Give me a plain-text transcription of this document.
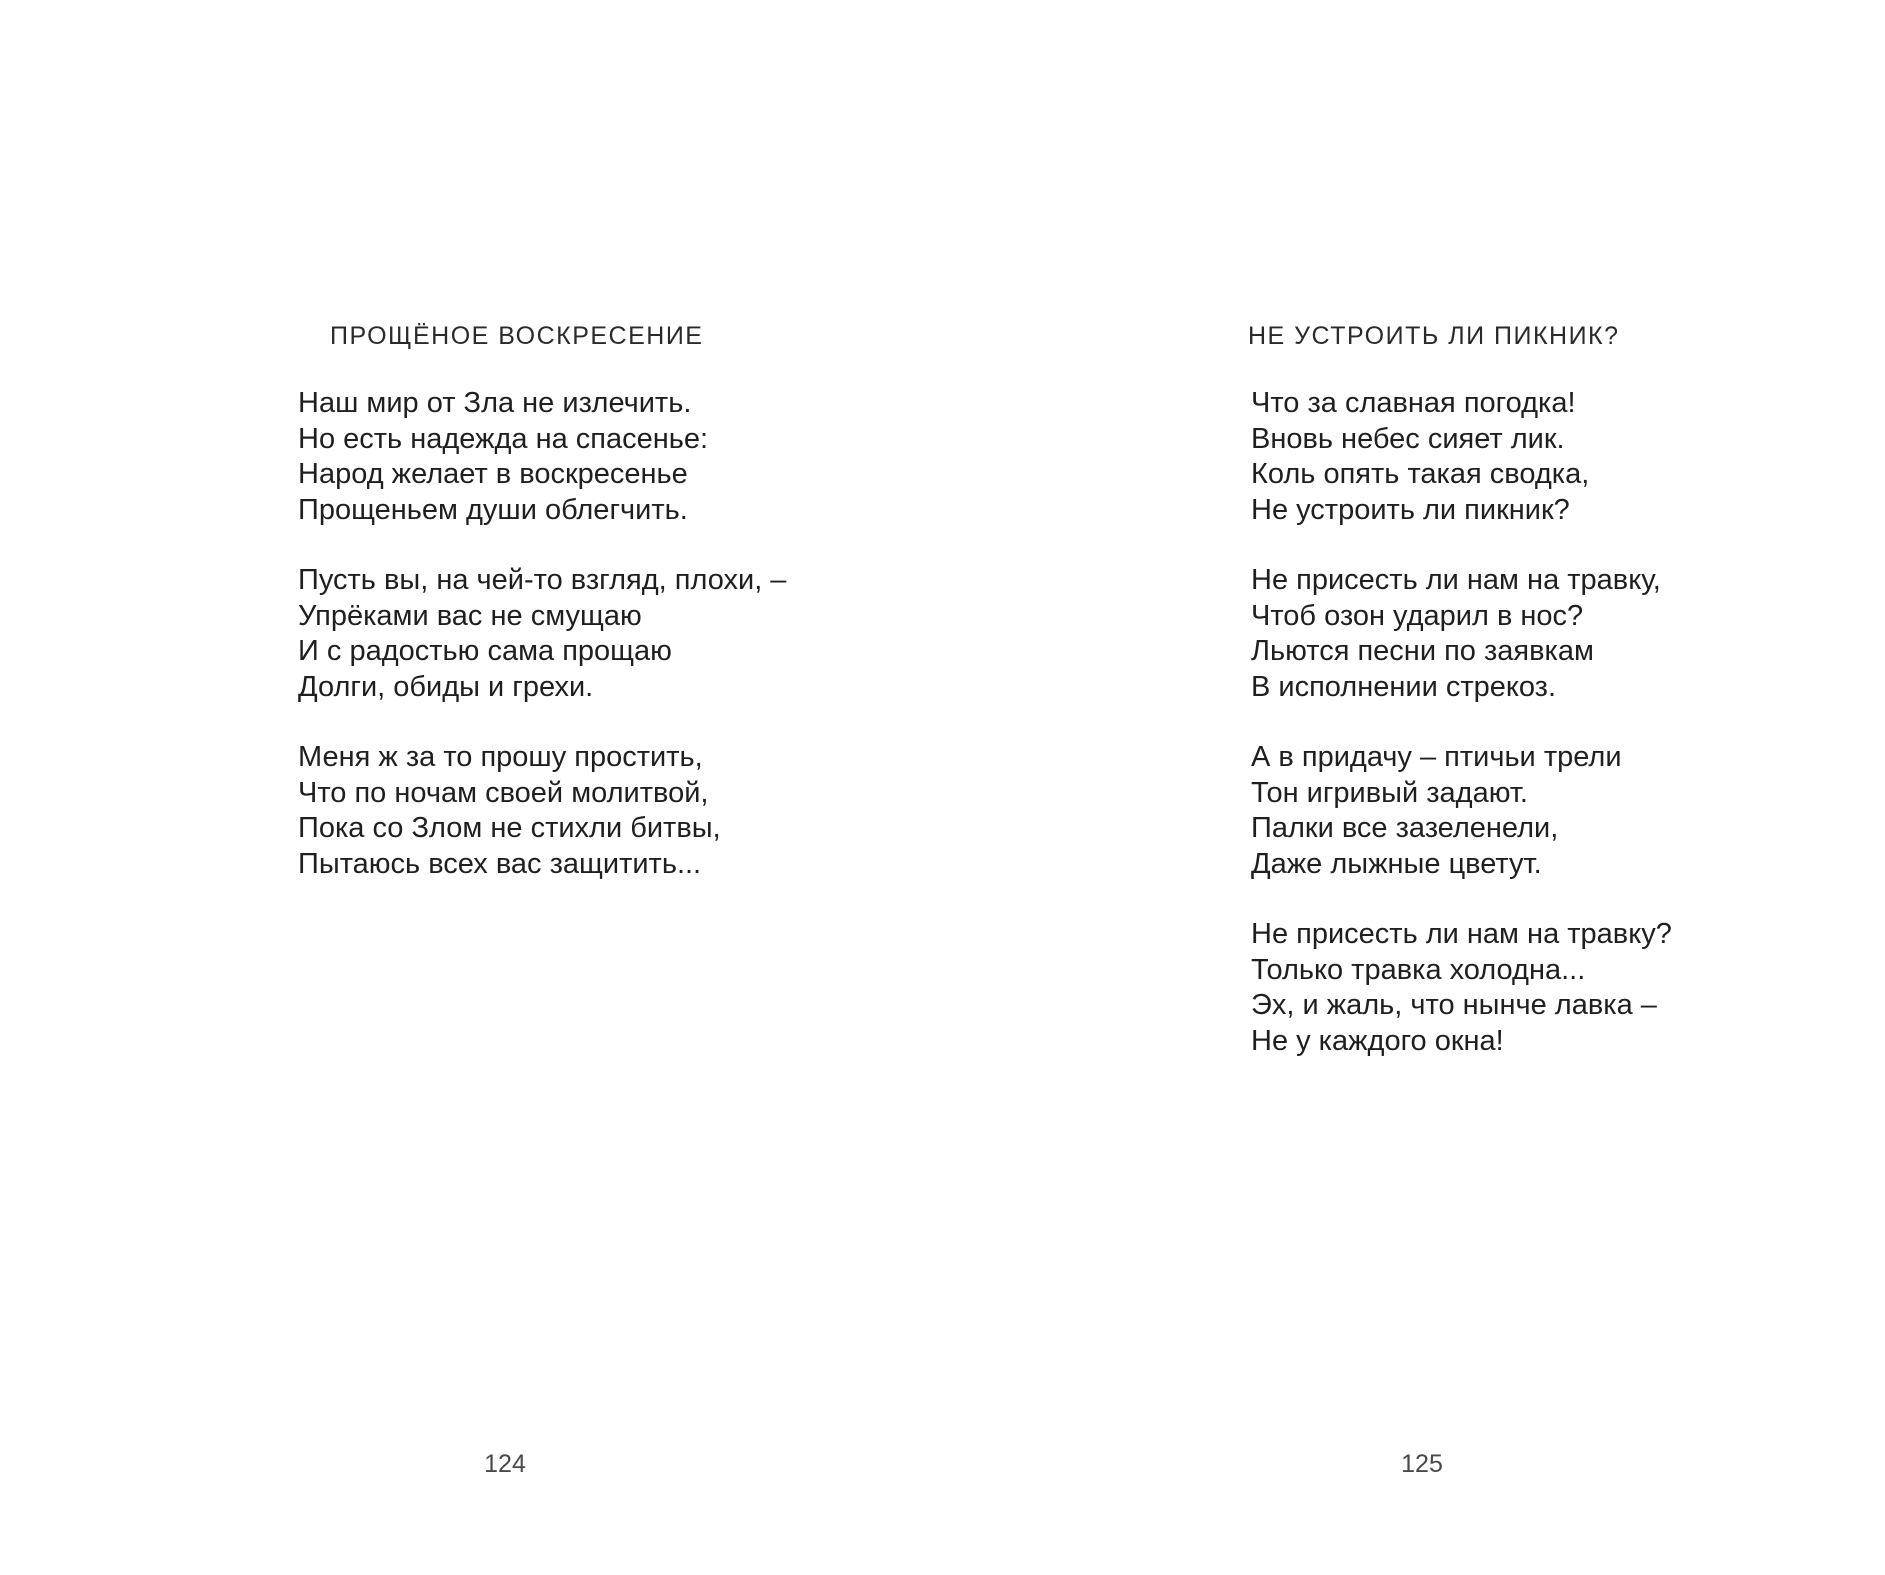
ПРОЩЁНОЕ ВОСКРЕСЕНИЕ
Наш мир от Зла не излечить.
Но есть надежда на спасенье:
Народ желает в воскресенье
Прощеньем души облегчить.
Пусть вы, на чей-то взгляд, плохи, –
Упрёками вас не смущаю
И с радостью сама прощаю
Долги, обиды и грехи.
Меня ж за то прошу простить,
Что по ночам своей молитвой,
Пока со Злом не стихли битвы,
Пытаюсь всех вас защитить...
124
НЕ УСТРОИТЬ ЛИ ПИКНИК?
Что за славная погодка!
Вновь небес сияет лик.
Коль опять такая сводка,
Не устроить ли пикник?
Не присесть ли нам на травку,
Чтоб озон ударил в нос?
Льются песни по заявкам
В исполнении стрекоз.
А в придачу – птичьи трели
Тон игривый задают.
Палки все зазеленели,
Даже лыжные цветут.
Не присесть ли нам на травку?
Только травка холодна...
Эх, и жаль, что нынче лавка –
Не у каждого окна!
125
